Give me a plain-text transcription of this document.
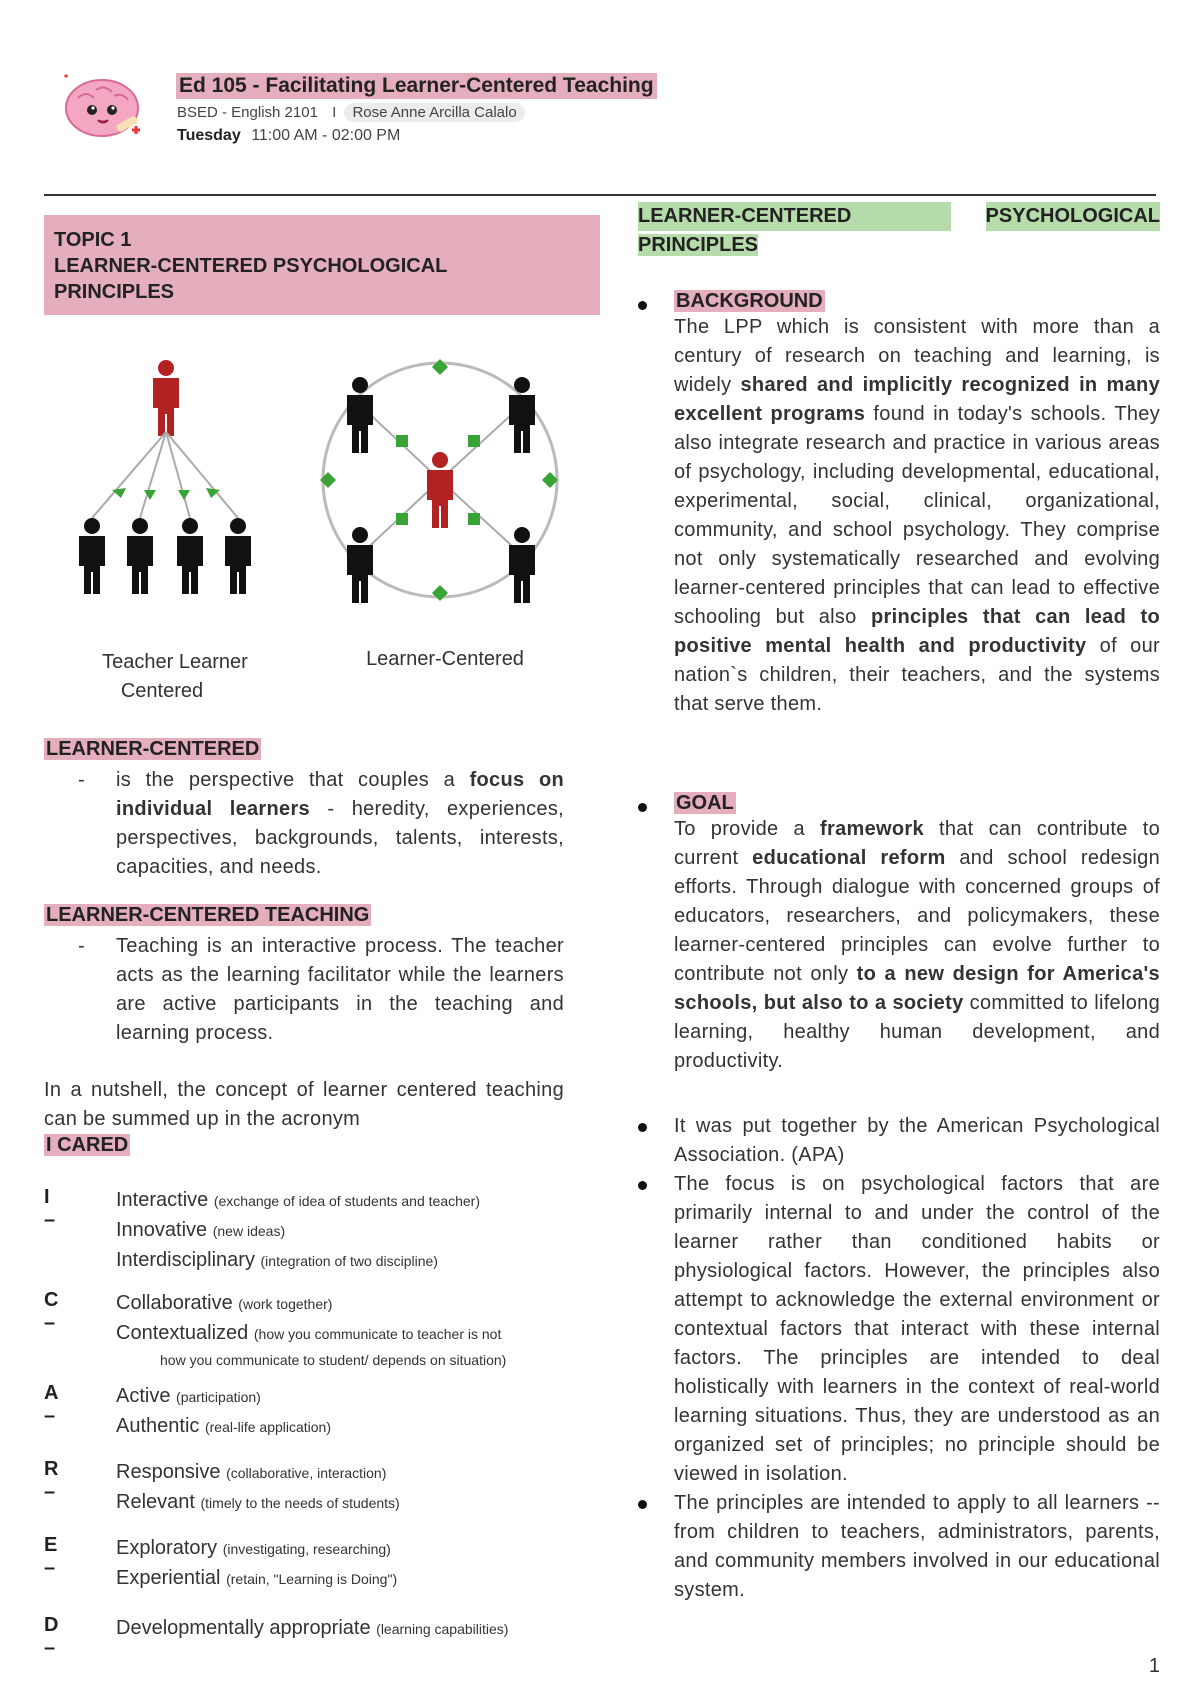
Ed 105 - Facilitating Learner-Centered Teaching
BSED - English 2101 I Rose Anne Arcilla Calalo
Tuesday 11:00 AM - 02:00 PM
TOPIC 1
LEARNER-CENTERED PSYCHOLOGICAL
PRINCIPLES
Teacher Learner
Centered
Learner-Centered
LEARNER-CENTERED
- is the perspective that couples a focus on individual learners - heredity, experiences, perspectives, backgrounds, talents, interests, capacities, and needs.
LEARNER-CENTERED TEACHING
- Teaching is an interactive process. The teacher acts as the learning facilitator while the learners are active participants in the teaching and learning process.
In a nutshell, the concept of learner centered teaching can be summed up in the acronym
I CARED
I –
Interactive (exchange of idea of students and teacher)
Innovative (new ideas)
Interdisciplinary (integration of two discipline)
C –
Collaborative (work together)
Contextualized (how you communicate to teacher is not
how you communicate to student/ depends on situation)
A –
Active (participation)
Authentic (real-life application)
R –
Responsive (collaborative, interaction)
Relevant (timely to the needs of students)
E –
Exploratory (investigating, researching)
Experiential (retain, "Learning is Doing")
D –
Developmentally appropriate (learning capabilities)
LEARNER-CENTERED	PSYCHOLOGICAL
PRINCIPLES
BACKGROUND
The LPP which is consistent with more than a century of research on teaching and learning, is widely shared and implicitly recognized in many excellent programs found in today's schools. They also integrate research and practice in various areas of psychology, including developmental, educational, experimental, social, clinical, organizational, community, and school psychology. They comprise not only systematically researched and evolving learner-centered principles that can lead to effective schooling but also principles that can lead to positive mental health and productivity of our nation`s children, their teachers, and the systems that serve them.
GOAL
To provide a framework that can contribute to current educational reform and school redesign efforts. Through dialogue with concerned groups of educators, researchers, and policymakers, these learner-centered principles can evolve further to contribute not only to a new design for America's schools, but also to a society committed to lifelong learning, healthy human development, and productivity.
It was put together by the American Psychological Association. (APA)
The focus is on psychological factors that are primarily internal to and under the control of the learner rather than conditioned habits or physiological factors. However, the principles also attempt to acknowledge the external environment or contextual factors that interact with these internal factors. The principles are intended to deal holistically with learners in the context of real-world learning situations. Thus, they are understood as an organized set of principles; no principle should be viewed in isolation.
The principles are intended to apply to all learners -- from children to teachers, administrators, parents, and community members involved in our educational system.
1
